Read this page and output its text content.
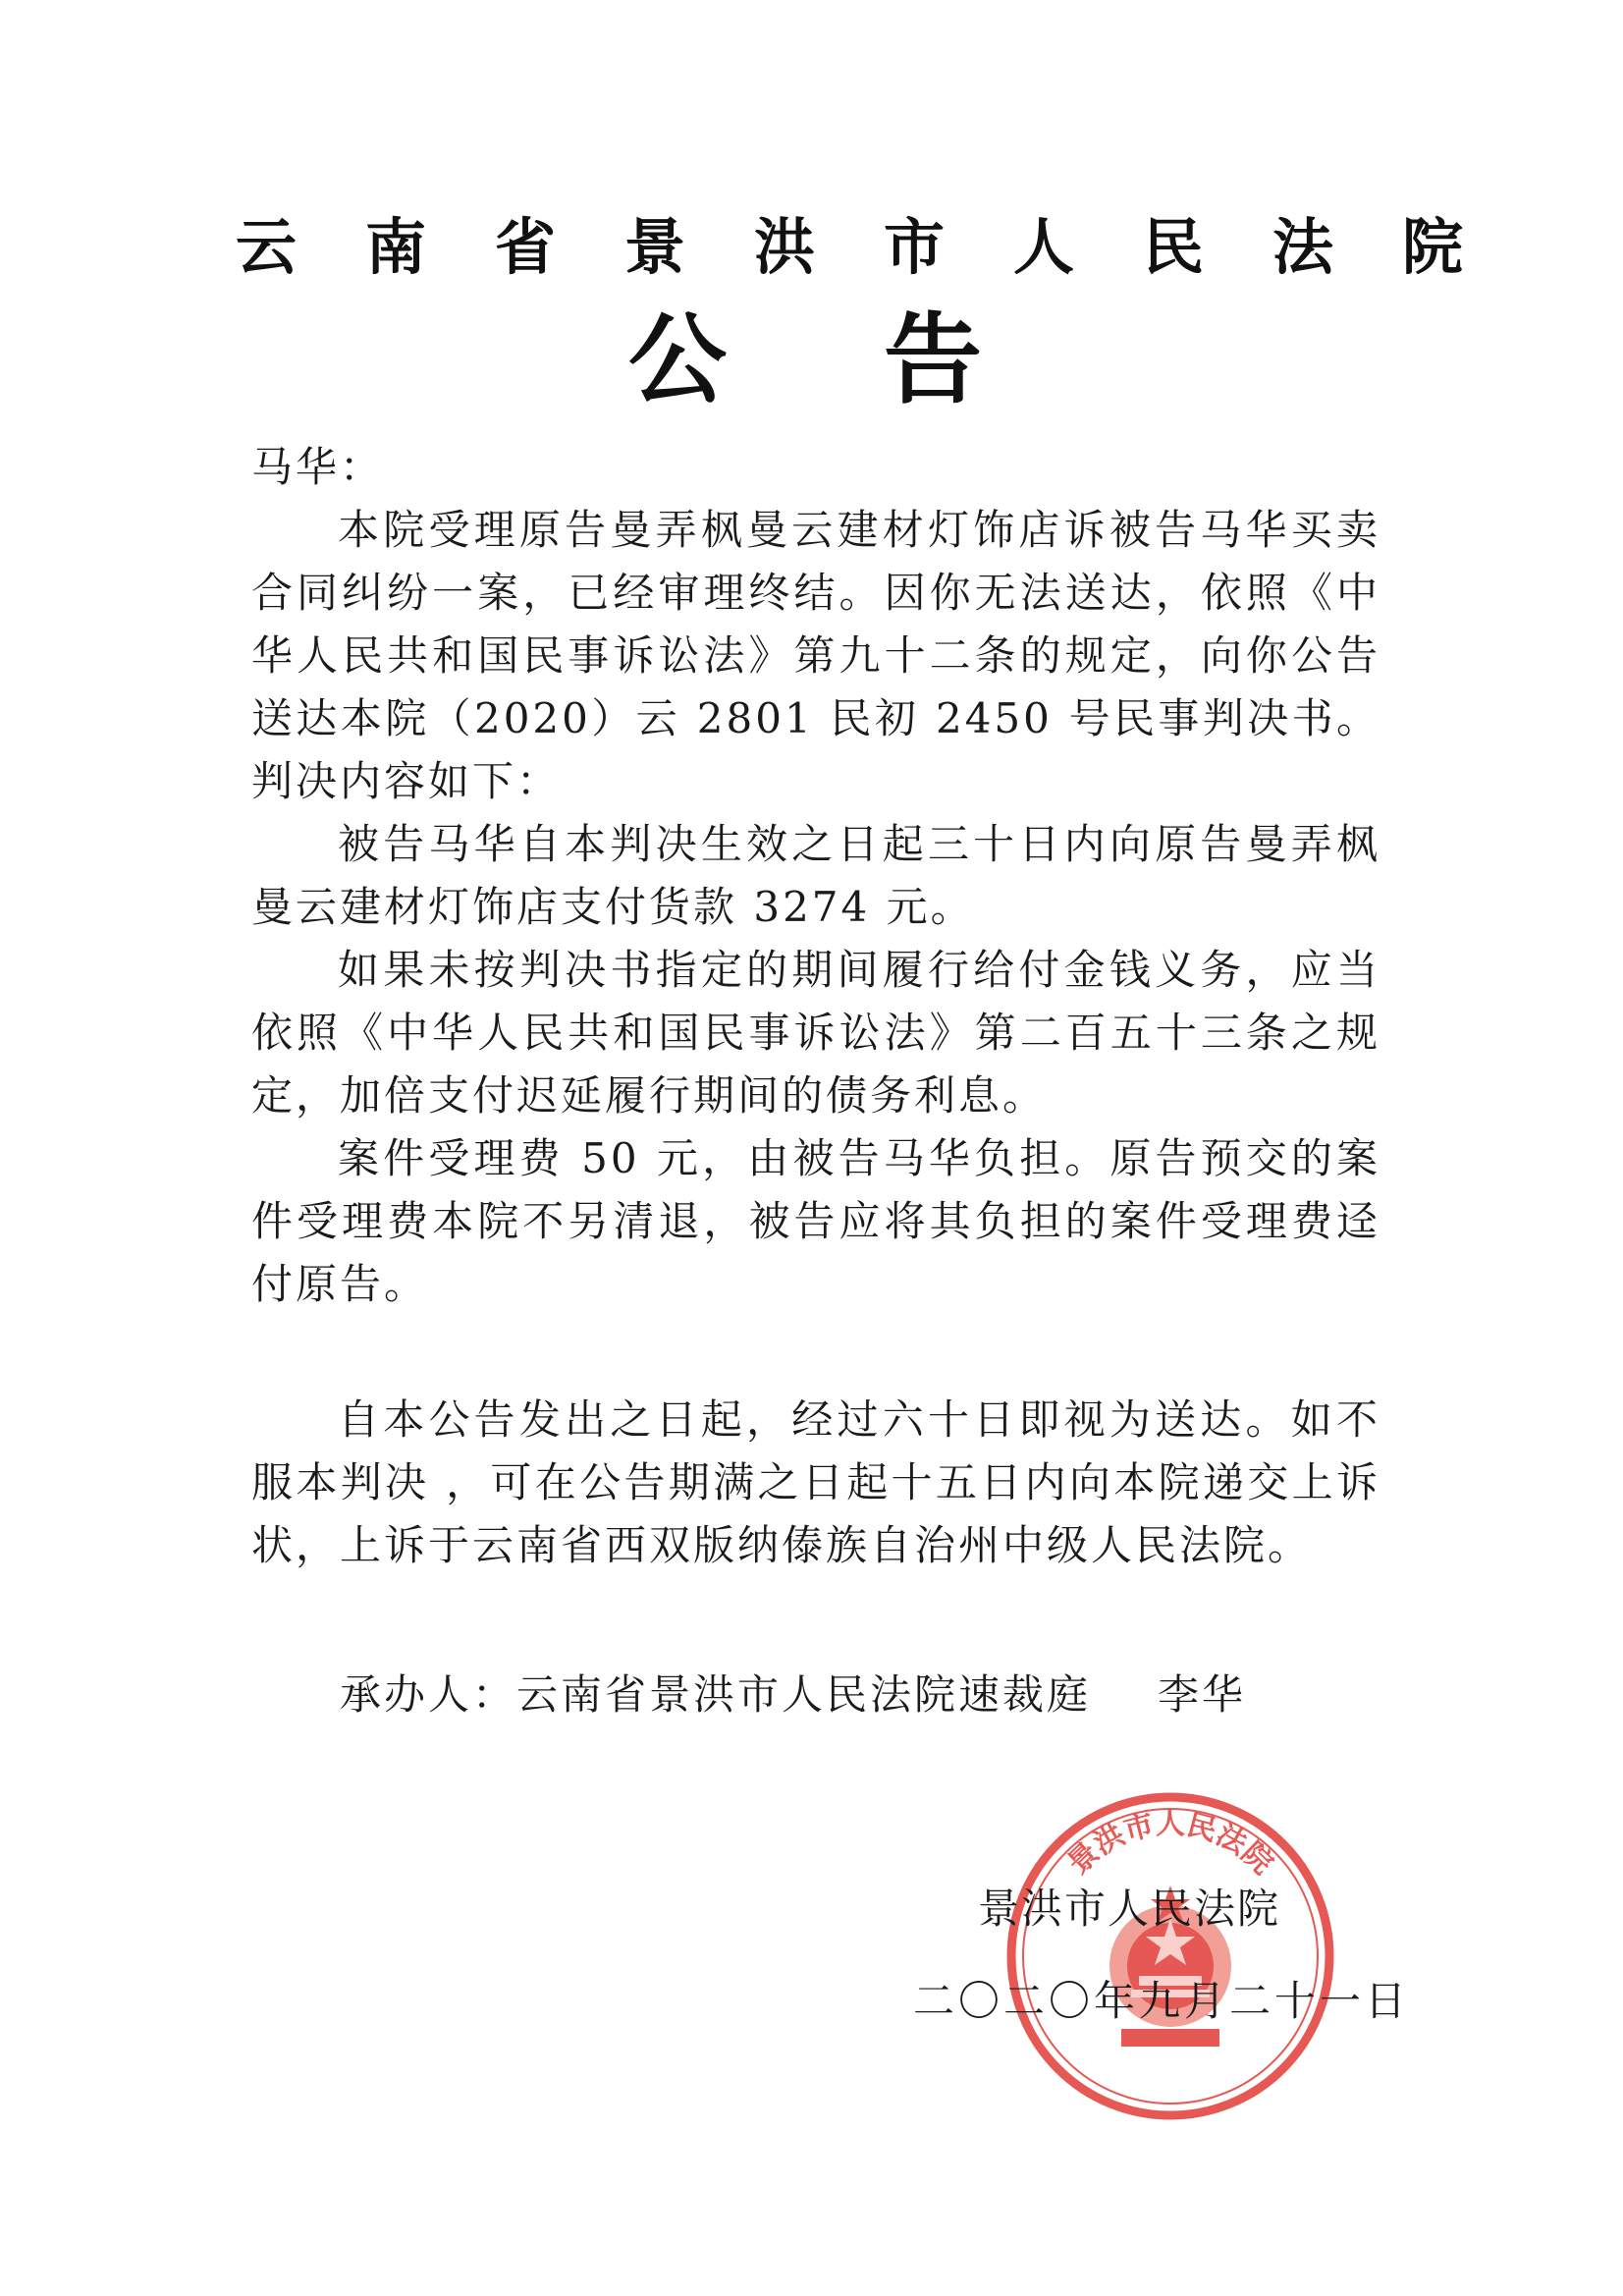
云南省景洪市人民法院
公告

马华：

本院受理原告曼弄枫曼云建材灯饰店诉被告马华买卖合同纠纷一案，已经审理终结。因你无法送达，依照《中华人民共和国民事诉讼法》第九十二条的规定，向你公告送达本院（2020）云 2801 民初 2450 号民事判决书。判决内容如下：

被告马华自本判决生效之日起三十日内向原告曼弄枫曼云建材灯饰店支付货款 3274 元。

如果未按判决书指定的期间履行给付金钱义务，应当依照《中华人民共和国民事诉讼法》第二百五十三条之规定，加倍支付迟延履行期间的债务利息。

案件受理费 50 元，由被告马华负担。原告预交的案件受理费本院不另清退，被告应将其负担的案件受理费迳付原告。

自本公告发出之日起，经过六十日即视为送达。如不服本判决 ，可在公告期满之日起十五日内向本院递交上诉状，上诉于云南省西双版纳傣族自治州中级人民法院。

承办人：云南省景洪市人民法院速裁庭 李华
景洪市人民法院
景洪市人民法院
二〇二〇年九月二十一日
